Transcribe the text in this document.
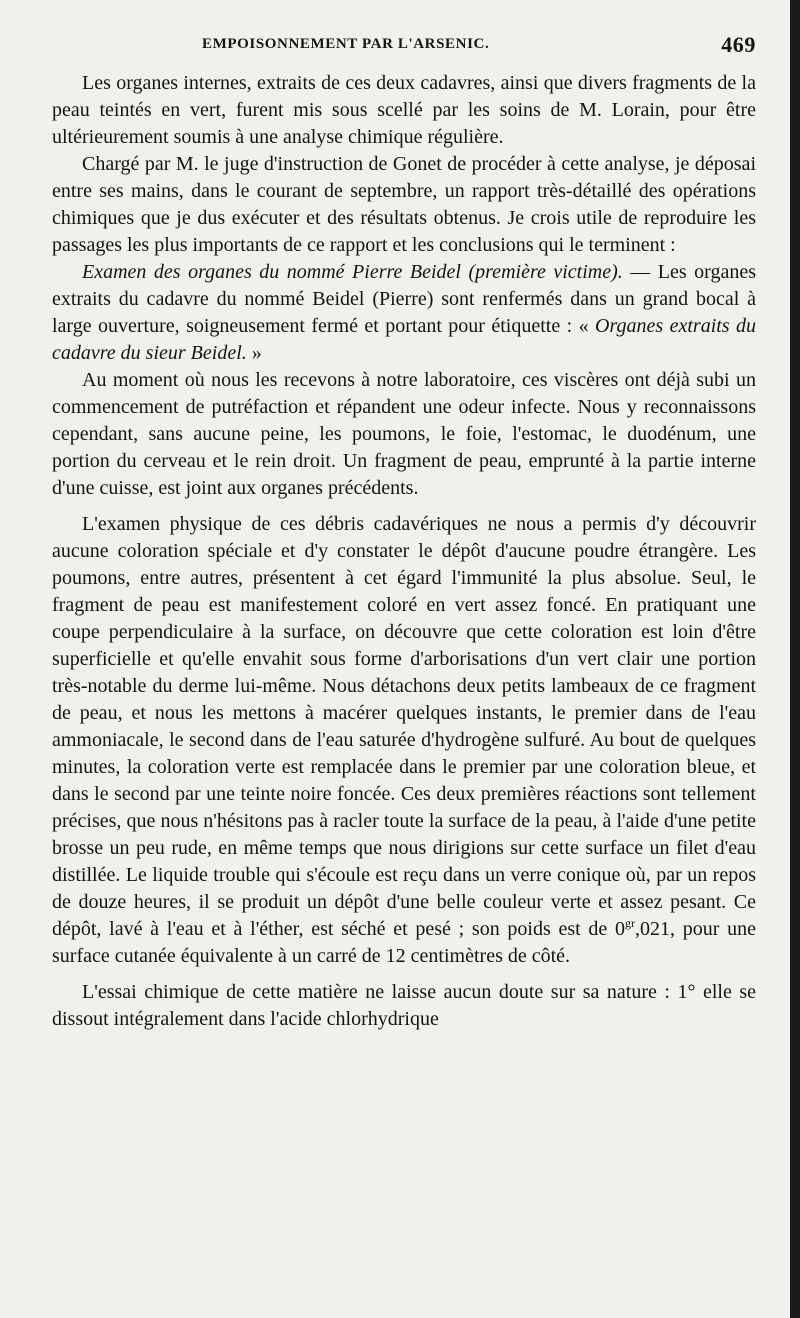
EMPOISONNEMENT PAR L'ARSENIC.	469

Les organes internes, extraits de ces deux cadavres, ainsi que divers fragments de la peau teintés en vert, furent mis sous scellé par les soins de M. Lorain, pour être ultérieurement soumis à une analyse chimique régulière.

Chargé par M. le juge d'instruction de Gonet de procéder à cette analyse, je déposai entre ses mains, dans le courant de septembre, un rapport très-détaillé des opérations chimiques que je dus exécuter et des résultats obtenus. Je crois utile de reproduire les passages les plus importants de ce rapport et les conclusions qui le terminent :

Examen des organes du nommé Pierre Beidel (première victime). — Les organes extraits du cadavre du nommé Beidel (Pierre) sont renfermés dans un grand bocal à large ouverture, soigneusement fermé et portant pour étiquette : « Organes extraits du cadavre du sieur Beidel. »

Au moment où nous les recevons à notre laboratoire, ces viscères ont déjà subi un commencement de putréfaction et répandent une odeur infecte. Nous y reconnaissons cependant, sans aucune peine, les poumons, le foie, l'estomac, le duodénum, une portion du cerveau et le rein droit. Un fragment de peau, emprunté à la partie interne d'une cuisse, est joint aux organes précédents.

L'examen physique de ces débris cadavériques ne nous a permis d'y découvrir aucune coloration spéciale et d'y constater le dépôt d'aucune poudre étrangère. Les poumons, entre autres, présentent à cet égard l'immunité la plus absolue. Seul, le fragment de peau est manifestement coloré en vert assez foncé. En pratiquant une coupe perpendiculaire à la surface, on découvre que cette coloration est loin d'être superficielle et qu'elle envahit sous forme d'arborisations d'un vert clair une portion très-notable du derme lui-même. Nous détachons deux petits lambeaux de ce fragment de peau, et nous les mettons à macérer quelques instants, le premier dans de l'eau ammoniacale, le second dans de l'eau saturée d'hydrogène sulfuré. Au bout de quelques minutes, la coloration verte est remplacée dans le premier par une coloration bleue, et dans le second par une teinte noire foncée. Ces deux premières réactions sont tellement précises, que nous n'hésitons pas à racler toute la surface de la peau, à l'aide d'une petite brosse un peu rude, en même temps que nous dirigions sur cette surface un filet d'eau distillée. Le liquide trouble qui s'écoule est reçu dans un verre conique où, par un repos de douze heures, il se produit un dépôt d'une belle couleur verte et assez pesant. Ce dépôt, lavé à l'eau et à l'éther, est séché et pesé ; son poids est de $0^{gr},021$, pour une surface cutanée équivalente à un carré de 12 centimètres de côté.

L'essai chimique de cette matière ne laisse aucun doute sur sa nature : 1° elle se dissout intégralement dans l'acide chlorhydrique
